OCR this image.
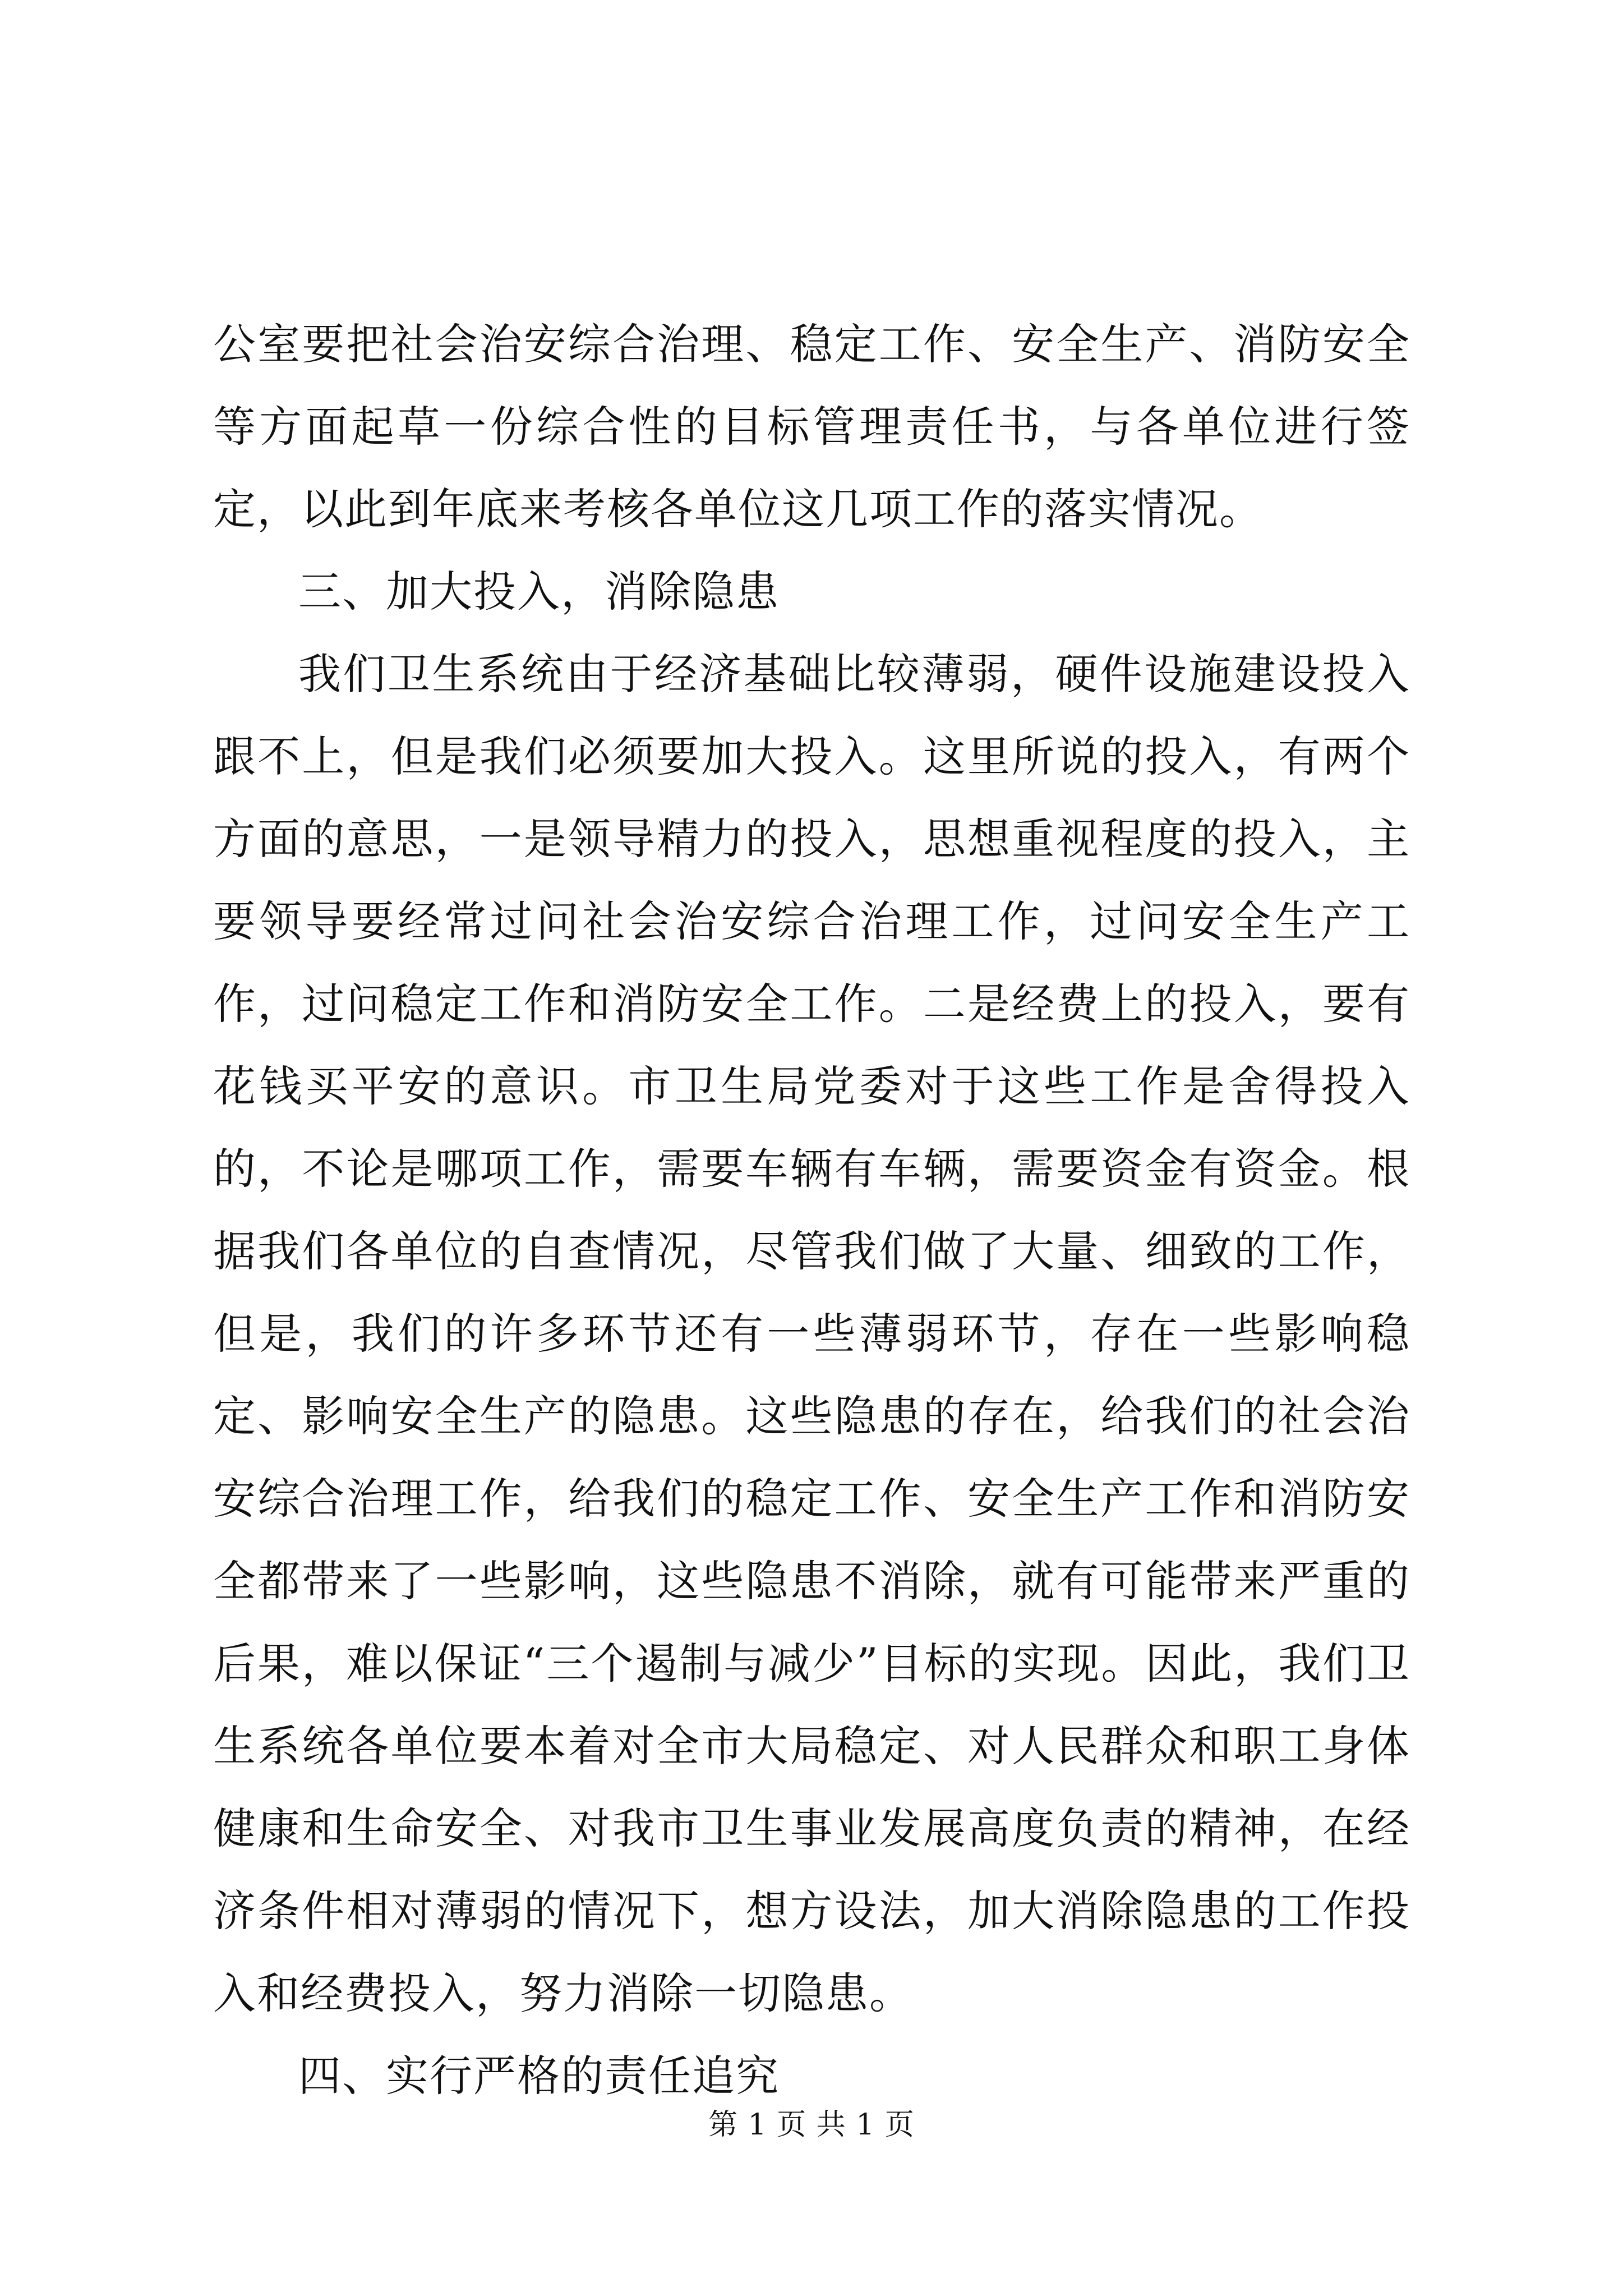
公室要把社会治安综合治理、稳定工作、安全生产、消防安全等方面起草一份综合性的目标管理责任书，与各单位进行签定，以此到年底来考核各单位这几项工作的落实情况。

三、加大投入，消除隐患

我们卫生系统由于经济基础比较薄弱，硬件设施建设投入跟不上，但是我们必须要加大投入。这里所说的投入，有两个方面的意思，一是领导精力的投入，思想重视程度的投入，主要领导要经常过问社会治安综合治理工作，过问安全生产工作，过问稳定工作和消防安全工作。二是经费上的投入，要有花钱买平安的意识。市卫生局党委对于这些工作是舍得投入的，不论是哪项工作，需要车辆有车辆，需要资金有资金。根据我们各单位的自查情况，尽管我们做了大量、细致的工作，但是，我们的许多环节还有一些薄弱环节，存在一些影响稳定、影响安全生产的隐患。这些隐患的存在，给我们的社会治安综合治理工作，给我们的稳定工作、安全生产工作和消防安全都带来了一些影响，这些隐患不消除，就有可能带来严重的后果，难以保证“三个遏制与减少”目标的实现。因此，我们卫生系统各单位要本着对全市大局稳定、对人民群众和职工身体健康和生命安全、对我市卫生事业发展高度负责的精神，在经济条件相对薄弱的情况下，想方设法，加大消除隐患的工作投入和经费投入，努力消除一切隐患。

四、实行严格的责任追究

第 1 页 共 1 页
